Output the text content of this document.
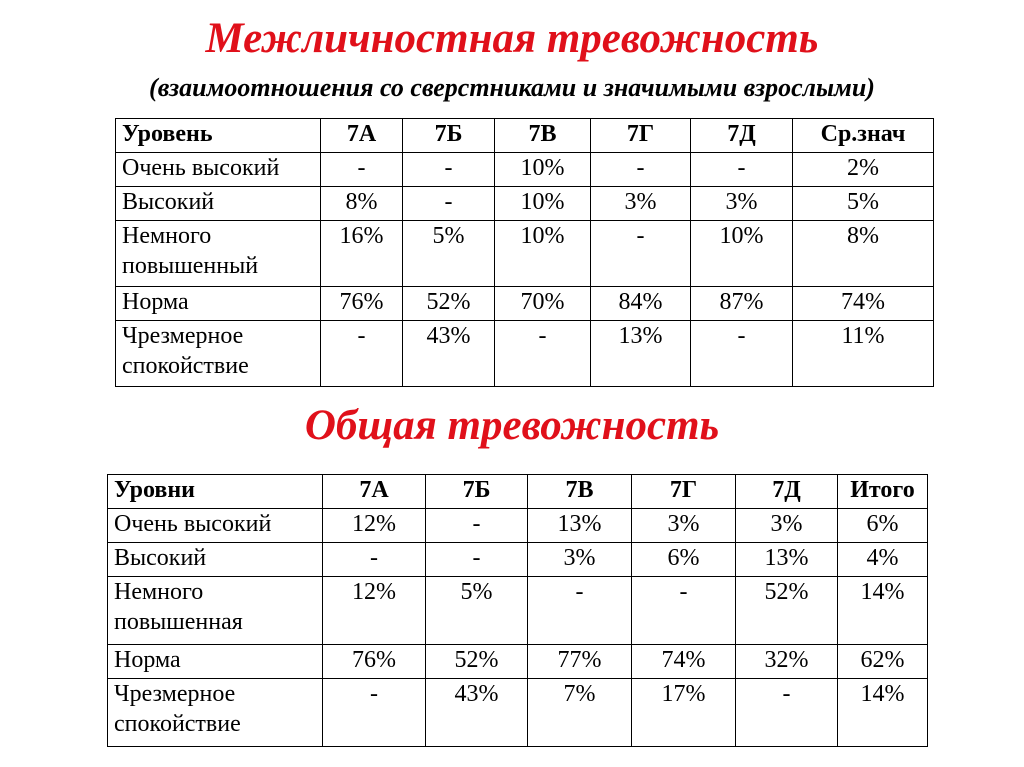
Межличностная тревожность
(взаимоотношения со сверстниками и значимыми взрослыми)
Уровень	7А	7Б	7В	7Г	7Д	Ср.знач
Очень высокий	-	-	10%	-	-	2%
Высокий	8%	-	10%	3%	3%	5%
Немного повышенный	16%	5%	10%	-	10%	8%
Норма	76%	52%	70%	84%	87%	74%
Чрезмерное спокойствие	-	43%	-	13%	-	11%
Общая тревожность
Уровни	7А	7Б	7В	7Г	7Д	Итого
Очень высокий	12%	-	13%	3%	3%	6%
Высокий	-	-	3%	6%	13%	4%
Немного повышенная	12%	5%	-	-	52%	14%
Норма	76%	52%	77%	74%	32%	62%
Чрезмерное спокойствие	-	43%	7%	17%	-	14%
